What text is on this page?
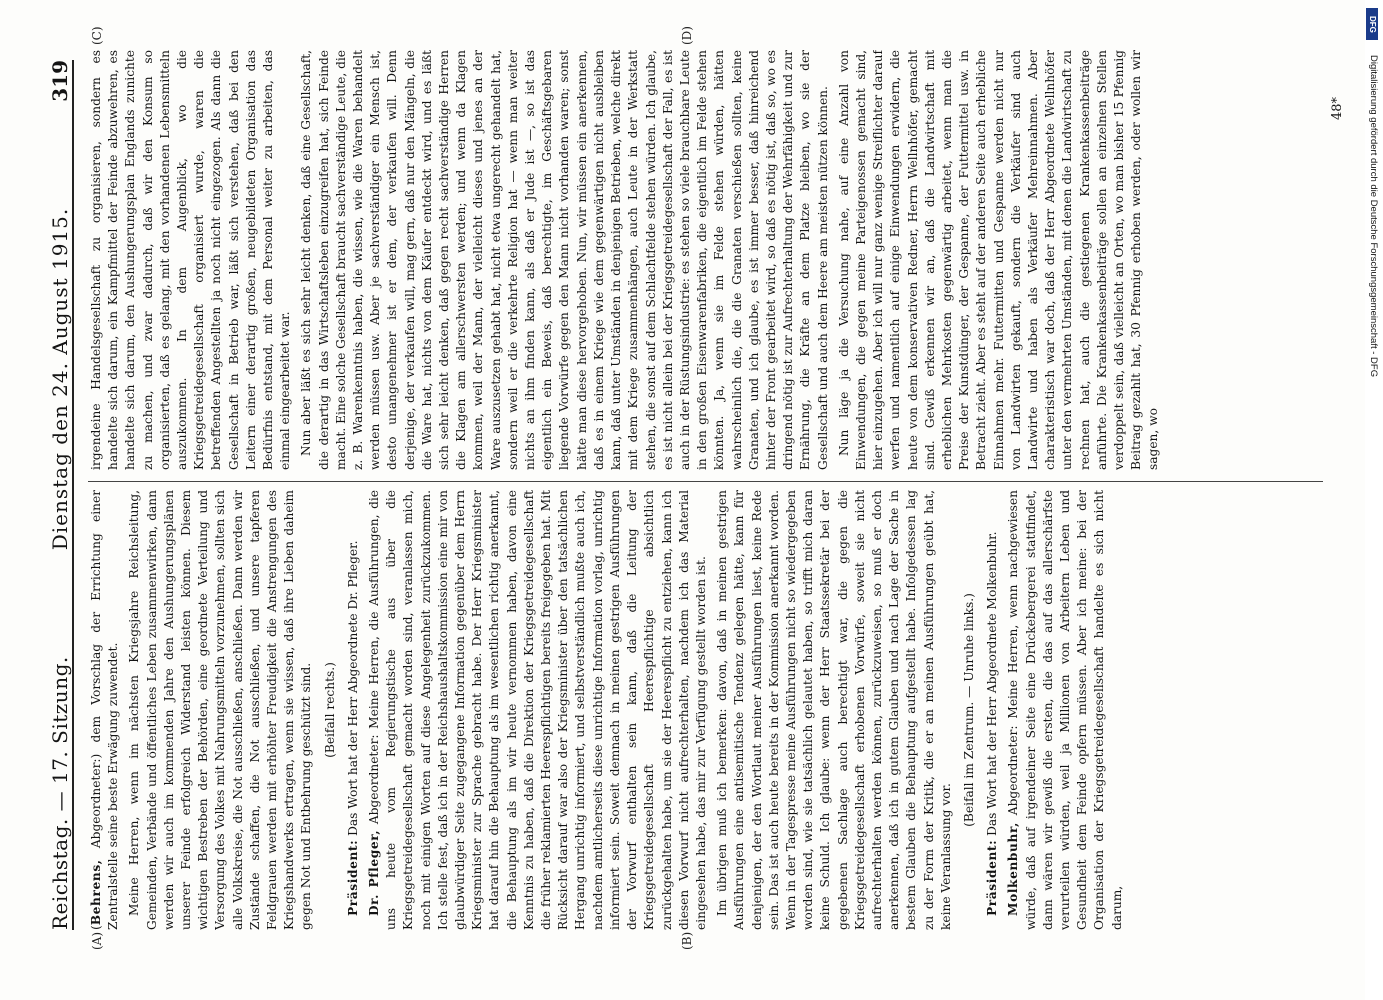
Reichstag. — 17. Sitzung.
Dienstag den 24. August 1915.
319
(A)	(B)
(C)	(D)

(Behrens, Abgeordneter:) dem Vorschlag der Errichtung einer Zentralstelle seine beste Erwägung zuwendet. Meine Herren, wenn im nächsten Kriegsjahre Reichsleitung, Gemeinden, Verbände und öffentliches Leben zusammenwirken, dann werden wir auch im kommenden Jahre den Aushungerungsplänen unserer Feinde erfolgreich Widerstand leisten können. Diesem wichtigen Bestreben der Behörden, eine geordnete Verteilung und Versorgung des Volkes mit Nahrungsmitteln vorzunehmen, sollten sich alle Volkskreise, die Not ausschließen, anschließen. Dann werden wir Zustände schaffen, die Not ausschließen, und unsere tapferen Feldgrauen werden mit erhöhter Freudigkeit die Anstrengungen des Kriegshandwerks ertragen, wenn sie wissen, daß ihre Lieben daheim gegen Not und Entbehrung geschützt sind. (Beifall rechts.)

Präsident: Das Wort hat der Herr Abgeordnete Dr. Pfleger.

Dr. Pfleger, Abgeordneter: Meine Herren, die Ausführungen, die uns heute vom Regierungstische aus über die Kriegsgetreidegesellschaft gemacht worden sind, veranlassen mich, noch mit einigen Worten auf diese Angelegenheit zurückzukommen. Ich stelle fest, daß ich in der Reichshaushaltskommission eine mir von glaubwürdiger Seite zugegangene Information gegenüber dem Herrn Kriegsminister zur Sprache gebracht habe. Der Herr Kriegsminister hat darauf hin die Behauptung als im wesentlichen richtig anerkannt, die Behauptung als im wir heute vernommen haben, davon eine Kenntnis zu haben, daß die Direktion der Kriegsgetreidegesellschaft die früher reklamierten Heerespflichtigen bereits freigegeben hat. Mit Rücksicht darauf war also der Kriegsminister über den tatsächlichen Hergang unrichtig informiert, und selbstverständlich mußte auch ich, nachdem amtlicherseits diese unrichtige Information vorlag, unrichtig informiert sein. Soweit demnach in meinen gestrigen Ausführungen der Vorwurf enthalten sein kann, daß die Leitung der Kriegsgetreidegesellschaft Heerespflichtige absichtlich zurückgehalten habe, um sie der Heerespflicht zu entziehen, kann ich diesen Vorwurf nicht aufrechterhalten, nachdem ich das Material eingesehen habe, das mir zur Verfügung gestellt worden ist. Im übrigen muß ich bemerken: davon, daß in meinen gestrigen Ausführungen eine antisemitische Tendenz gelegen hätte, kann für denjenigen, der den Wortlaut meiner Ausführungen liest, keine Rede sein. Das ist auch heute bereits in der Kommission anerkannt worden. Wenn in der Tagespresse meine Ausführungen nicht so wiedergegeben worden sind, wie sie tatsächlich gelautet haben, so trifft mich daran keine Schuld. Ich glaube: wenn der Herr Staatssekretär bei der gegebenen Sachlage auch berechtigt war, die gegen die Kriegsgetreidegesellschaft erhobenen Vorwürfe, soweit sie nicht aufrechterhalten werden können, zurückzuweisen, so muß er doch anerkennen, daß ich in gutem Glauben und nach Lage der Sache in bestem Glauben die Behauptung aufgestellt habe. Infolgedessen lag zu der Form der Kritik, die er an meinen Ausführungen geübt hat, keine Veranlassung vor.

(Beifall im Zentrum. — Unruhe links.)

Präsident: Das Wort hat der Herr Abgeordnete Molkenbuhr.

Molkenbuhr, Abgeordneter: Meine Herren, wenn nachgewiesen würde, daß auf irgendeiner Seite eine Drückebergerei stattfindet, dann wären wir gewiß die ersten, die das auf das allerschärfste verurteilen würden, weil ja Millionen von Arbeitern Leben und Gesundheit dem Feinde opfern müssen. Aber ich meine: bei der Organisation der Kriegsgetreidegesellschaft handelte es sich nicht darum,

irgendeine Handelsgesellschaft zu organisieren, sondern es handelte sich darum, ein Kampfmittel der Feinde abzuwehren, es handelte sich darum, den Aushungerungsplan Englands zunichte zu machen, und zwar dadurch, daß wir den Konsum so organisierten, daß es gelang, mit den vorhandenen Lebensmitteln auszukommen. In dem Augenblick, wo die Kriegsgetreidegesellschaft organisiert wurde, waren die betreffenden Angestellten ja noch nicht eingezogen. Als dann die Gesellschaft in Betrieb war, läßt sich verstehen, daß bei den Leitern einer derartig großen, neugebildeten Organisation das Bedürfnis entstand, mit dem Personal weiter zu arbeiten, das einmal eingearbeitet war. Nun aber läßt es sich sehr leicht denken, daß eine Gesellschaft, die derartig in das Wirtschaftsleben einzugreifen hat, sich Feinde macht. Eine solche Gesellschaft braucht sachverständige Leute, die z. B. Warenkenntnis haben, die wissen, wie die Waren behandelt werden müssen usw. Aber je sachverständiger ein Mensch ist, desto unangenehmer ist er dem, der verkaufen will. Denn derjenige, der verkaufen will, mag gern, daß nur den Mängeln, die die Ware hat, nichts von dem Käufer entdeckt wird, und es läßt sich sehr leicht denken, daß gegen recht sachverständige Herren die Klagen am allerschwersten werden; und wenn da Klagen kommen, weil der Mann, der vielleicht dieses und jenes an der Ware auszusetzen gehabt hat, nicht etwa ungerecht gehandelt hat, sondern weil er die verkehrte Religion hat — wenn man weiter nichts an ihm finden kann, als daß er Jude ist —, so ist das eigentlich ein Beweis, daß berechtigte, im Geschäftsgebaren liegende Vorwürfe gegen den Mann nicht vorhanden waren; sonst hätte man diese hervorgehoben. Nun, wir müssen ein anerkennen, daß es in einem Kriege wie dem gegenwärtigen nicht ausbleiben kann, daß unter Umständen in denjenigen Betrieben, welche direkt mit dem Kriege zusammenhängen, auch Leute in der Werkstatt stehen, die sonst auf dem Schlachtfelde stehen würden. Ich glaube, es ist nicht allein bei der Kriegsgetreidegesellschaft der Fall, es ist auch in der Rüstungsindustrie: es stehen so viele brauchbare Leute in den großen Eisenwarenfabriken, die eigentlich im Felde stehen könnten. Ja, wenn sie im Felde stehen würden, hätten wahrscheinlich die, die die Granaten verschießen sollten, keine Granaten, und ich glaube, es ist immer besser, daß hinreichend hinter der Front gearbeitet wird, so daß es nötig ist, daß so, wo es dringend nötig ist zur Aufrechterhaltung der Wehrfähigkeit und zur Ernährung, die Kräfte an dem Platze bleiben, wo sie der Gesellschaft und auch dem Heere am meisten nützen können. Nun läge ja die Versuchung nahe, auf eine Anzahl von Einwendungen, die gegen meine Parteigenossen gemacht sind, hier einzugehen. Aber ich will nur ganz wenige Streiflichter darauf werfen und namentlich auf einige Einwendungen erwidern, die heute von dem konservativen Redner, Herrn Wellnhöfer, gemacht sind. Gewiß erkennen wir an, daß die Landwirtschaft mit erheblichen Mehrkosten gegenwärtig arbeitet, wenn man die Preise der Kunstdünger, der Gespanne, der Futtermittel usw. in Betracht zieht. Aber es steht auf der anderen Seite auch erhebliche Einnahmen mehr. Futtermitten und Gespanne werden nicht nur von Landwirten gekauft, sondern die Verkäufer sind auch Landwirte und haben als Verkäufer Mehreinnahmen. Aber charakteristisch war doch, daß der Herr Abgeordnete Wellnhöfer unter den vermehrten Umständen, mit denen die Landwirtschaft zu rechnen hat, auch die gestiegenen Krankenkassenbeiträge anführte. Die Krankenkassenbeiträge sollen an einzelnen Stellen verdoppelt sein, daß vielleicht an Orten, wo man bisher 15 Pfennig Beitrag gezahlt hat, 30 Pfennig erhoben werden, oder wollen wir sagen, wo

48*
DFG
Digitalisierung gefördert durch die Deutsche Forschungsgemeinschaft - DFG
